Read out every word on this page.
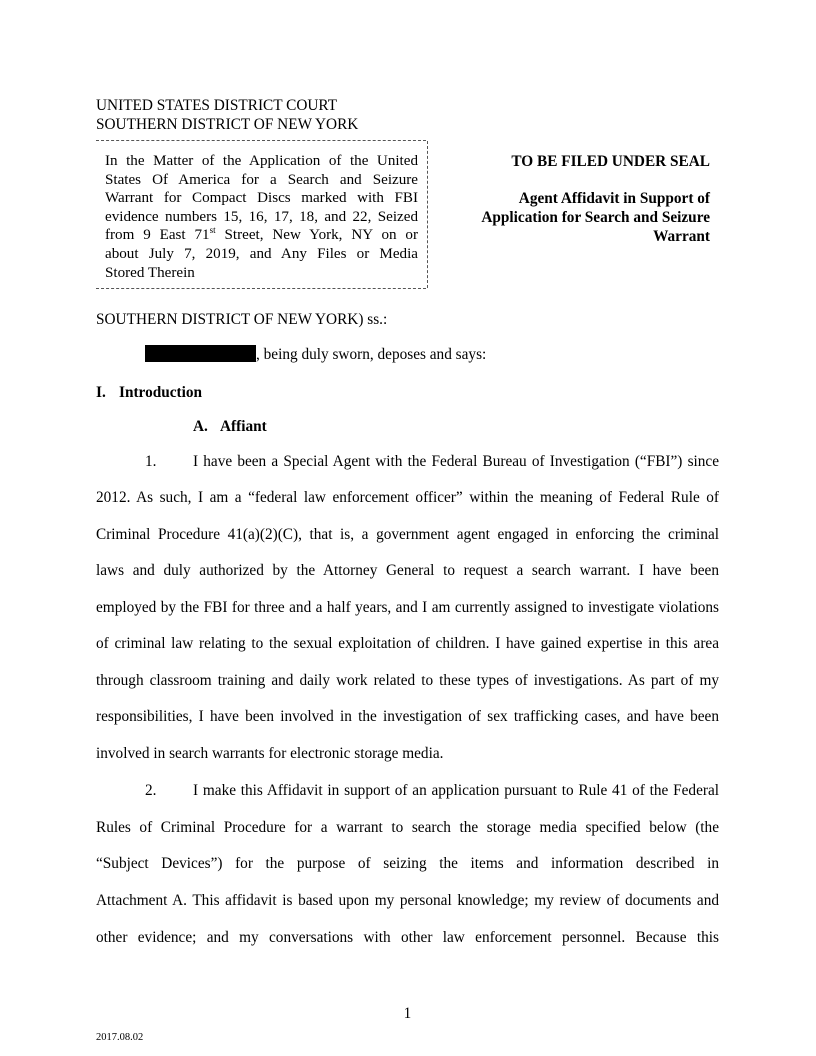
UNITED STATES DISTRICT COURT
SOUTHERN DISTRICT OF NEW YORK
In the Matter of the Application of the United
States Of America for a Search and Seizure
Warrant for Compact Discs marked with FBI
evidence numbers 15, 16, 17, 18, and 22, Seized
from 9 East 71st Street, New York, NY on or
about July 7, 2019, and Any Files or Media
Stored Therein
TO BE FILED UNDER SEAL
Agent Affidavit in Support of
Application for Search and Seizure
Warrant
SOUTHERN DISTRICT OF NEW YORK) ss.:
, being duly sworn, deposes and says:
I. Introduction
A. Affiant
1. I have been a Special Agent with the Federal Bureau of Investigation (“FBI”) since
2012. As such, I am a “federal law enforcement officer” within the meaning of Federal Rule of
Criminal Procedure 41(a)(2)(C), that is, a government agent engaged in enforcing the criminal
laws and duly authorized by the Attorney General to request a search warrant. I have been
employed by the FBI for three and a half years, and I am currently assigned to investigate violations
of criminal law relating to the sexual exploitation of children. I have gained expertise in this area
through classroom training and daily work related to these types of investigations. As part of my
responsibilities, I have been involved in the investigation of sex trafficking cases, and have been
involved in search warrants for electronic storage media.
2. I make this Affidavit in support of an application pursuant to Rule 41 of the Federal
Rules of Criminal Procedure for a warrant to search the storage media specified below (the
“Subject Devices”) for the purpose of seizing the items and information described in
Attachment A. This affidavit is based upon my personal knowledge; my review of documents and
other evidence; and my conversations with other law enforcement personnel. Because this
1
2017.08.02
